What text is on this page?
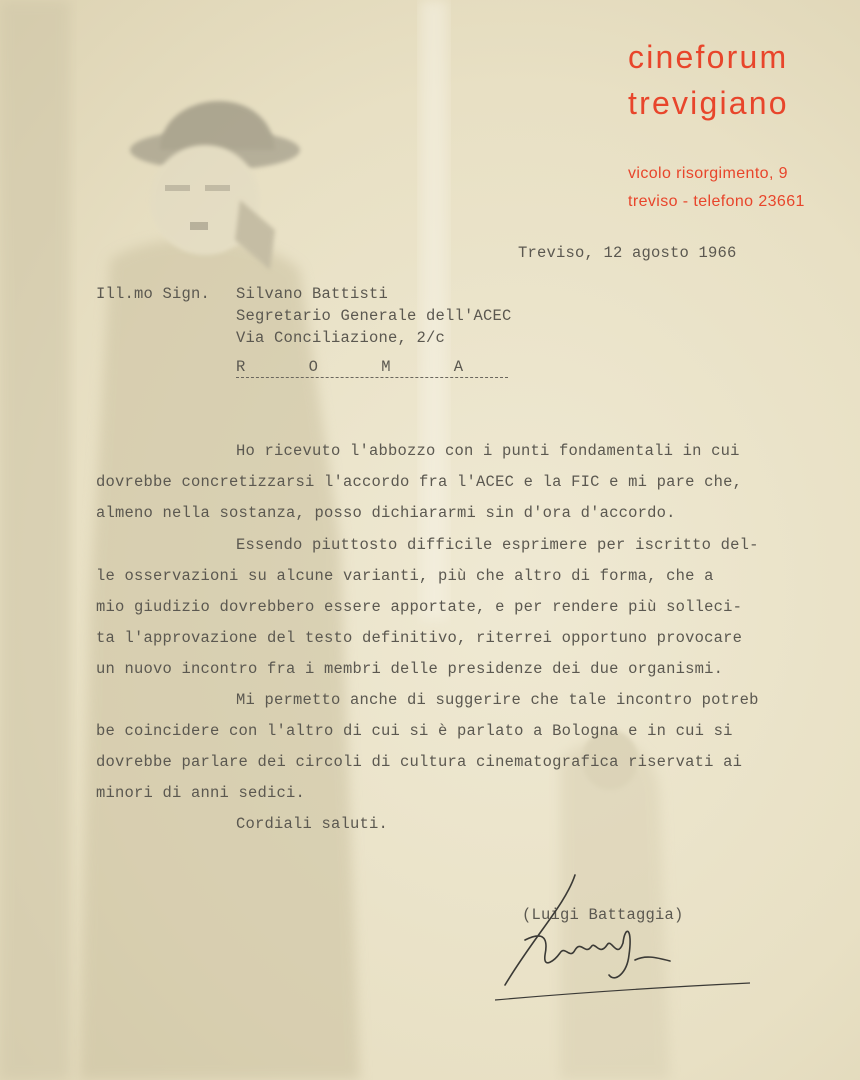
cineforum
trevigiano
vicolo risorgimento, 9
treviso - telefono 23661
Treviso, 12 agosto 1966
Ill.mo Sign. Silvano Battisti
Segretario Generale dell'ACEC
Via Conciliazione, 2/c
R O M A
Ho ricevuto l'abbozzo con i punti fondamentali in cui
dovrebbe concretizzarsi l'accordo fra l'ACEC e la FIC e mi pare che,
almeno nella sostanza, posso dichiararmi sin d'ora d'accordo.
Essendo piuttosto difficile esprimere per iscritto del-
le osservazioni su alcune varianti, più che altro di forma, che a
mio giudizio dovrebbero essere apportate, e per rendere più solleci-
ta l'approvazione del testo definitivo, riterrei opportuno provocare
un nuovo incontro fra i membri delle presidenze dei due organismi.
Mi permetto anche di suggerire che tale incontro potreb
be coincidere con l'altro di cui si è parlato a Bologna e in cui si
dovrebbe parlare dei circoli di cultura cinematografica riservati ai
minori di anni sedici.
Cordiali saluti.
(Luigi Battaggia)
